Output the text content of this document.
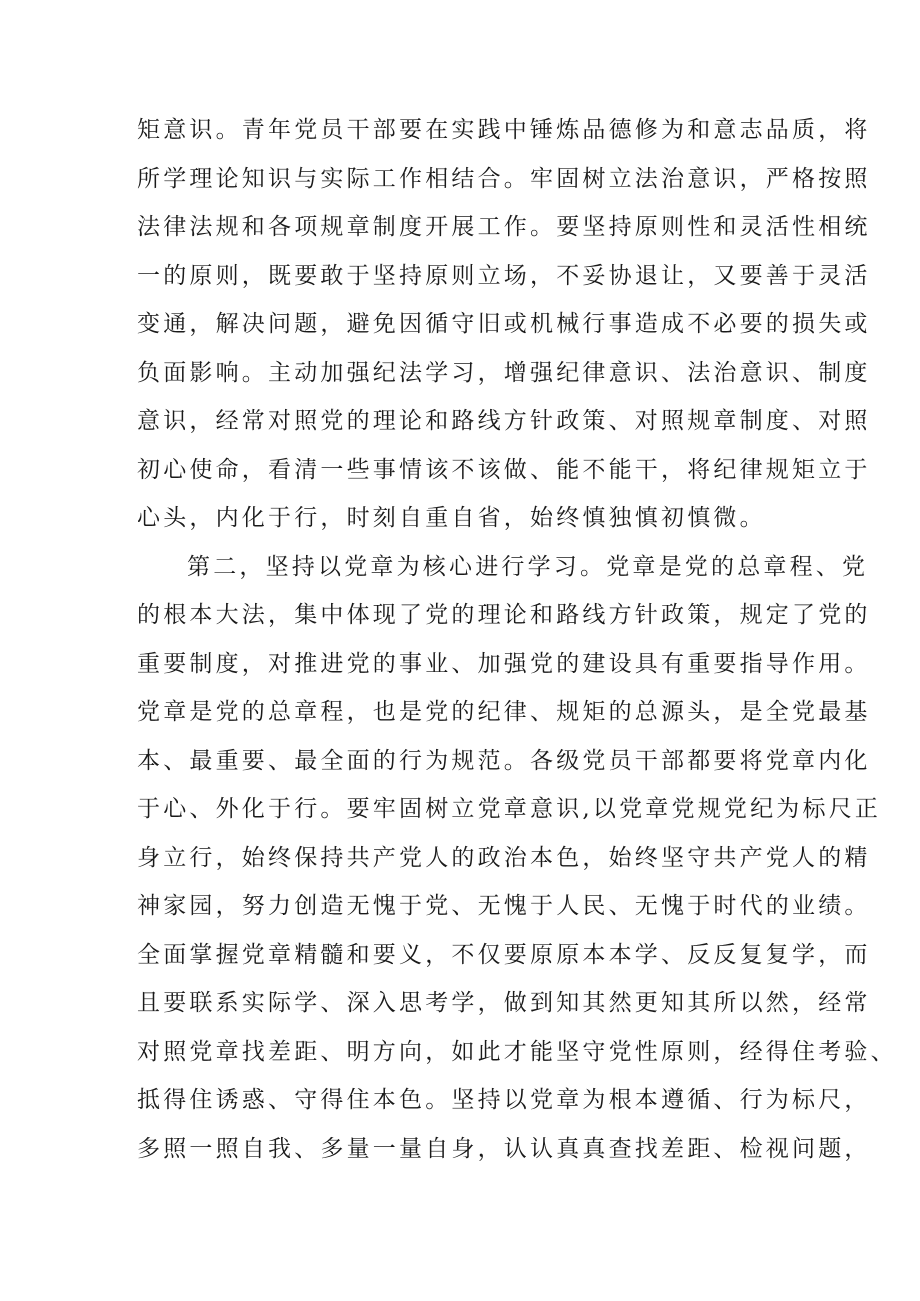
矩意识。青年党员干部要在实践中锤炼品德修为和意志品质，将
所学理论知识与实际工作相结合。牢固树立法治意识，严格按照
法律法规和各项规章制度开展工作。要坚持原则性和灵活性相统
一的原则，既要敢于坚持原则立场，不妥协退让，又要善于灵活
变通，解决问题，避免因循守旧或机械行事造成不必要的损失或
负面影响。主动加强纪法学习，增强纪律意识、法治意识、制度
意识，经常对照党的理论和路线方针政策、对照规章制度、对照
初心使命，看清一些事情该不该做、能不能干，将纪律规矩立于
心头，内化于行，时刻自重自省，始终慎独慎初慎微。
第二，坚持以党章为核心进行学习。党章是党的总章程、党
的根本大法，集中体现了党的理论和路线方针政策，规定了党的
重要制度，对推进党的事业、加强党的建设具有重要指导作用。
党章是党的总章程，也是党的纪律、规矩的总源头，是全党最基
本、最重要、最全面的行为规范。各级党员干部都要将党章内化
于心、外化于行。要牢固树立党章意识,以党章党规党纪为标尺正
身立行，始终保持共产党人的政治本色，始终坚守共产党人的精
神家园，努力创造无愧于党、无愧于人民、无愧于时代的业绩。
全面掌握党章精髓和要义，不仅要原原本本学、反反复复学，而
且要联系实际学、深入思考学，做到知其然更知其所以然，经常
对照党章找差距、明方向，如此才能坚守党性原则，经得住考验、
抵得住诱惑、守得住本色。坚持以党章为根本遵循、行为标尺，
多照一照自我、多量一量自身，认认真真查找差距、检视问题，
